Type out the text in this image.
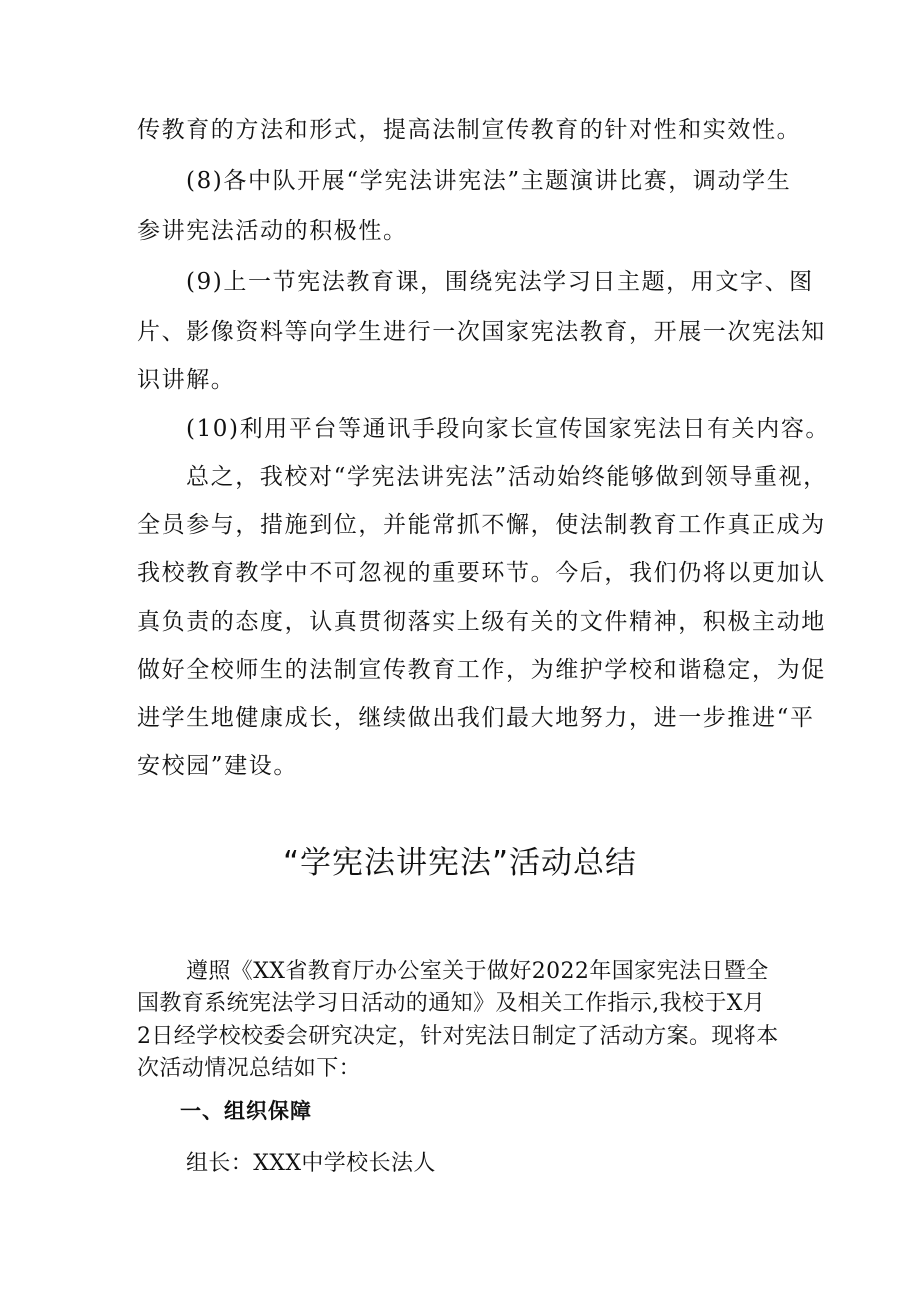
传教育的方法和形式，提高法制宣传教育的针对性和实效性。
(8)各中队开展“学宪法讲宪法”主题演讲比赛，调动学生
参讲宪法活动的积极性。
(9)上一节宪法教育课，围绕宪法学习日主题，用文字、图
片、影像资料等向学生进行一次国家宪法教育，开展一次宪法知
识讲解。
(10)利用平台等通讯手段向家长宣传国家宪法日有关内容。
总之，我校对“学宪法讲宪法”活动始终能够做到领导重视，
全员参与，措施到位，并能常抓不懈，使法制教育工作真正成为
我校教育教学中不可忽视的重要环节。今后，我们仍将以更加认
真负责的态度，认真贯彻落实上级有关的文件精神，积极主动地
做好全校师生的法制宣传教育工作，为维护学校和谐稳定，为促
进学生地健康成长，继续做出我们最大地努力，进一步推进“平
安校园”建设。
“学宪法讲宪法”活动总结
遵照《XX省教育厅办公室关于做好2022年国家宪法日暨全
国教育系统宪法学习日活动的通知》及相关工作指示,我校于X月
2日经学校校委会研究决定，针对宪法日制定了活动方案。现将本
次活动情况总结如下：
一、组织保障
组长：XXX中学校长法人
